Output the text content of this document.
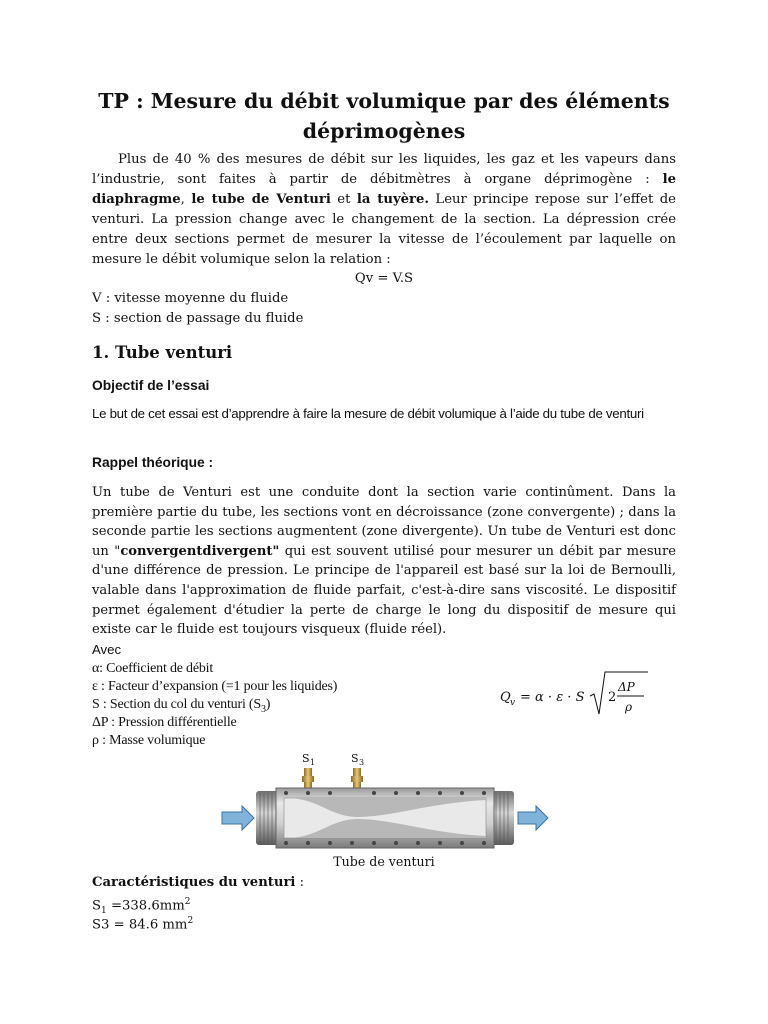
TP : Mesure du débit volumique par des éléments
déprimogènes

Plus de 40 % des mesures de débit sur les liquides, les gaz et les vapeurs dans l’industrie, sont faites à partir de débitmètres à organe déprimogène : le diaphragme, le tube de Venturi et la tuyère. Leur principe repose sur l’effet de venturi. La pression change avec le changement de la section. La dépression crée entre deux sections permet de mesurer la vitesse de l’écoulement par laquelle on mesure le débit volumique selon la relation :

Qv = V.S
V : vitesse moyenne du fluide
S : section de passage du fluide
1. Tube venturi
Objectif de l’essai

Le but de cet essai est d’apprendre à faire la mesure de débit volumique à l’aide du tube de venturi

Rappel théorique :

Un tube de Venturi est une conduite dont la section varie continûment. Dans la première partie du tube, les sections vont en décroissance (zone convergente) ; dans la seconde partie les sections augmentent (zone divergente). Un tube de Venturi est donc un "convergentdivergent" qui est souvent utilisé pour mesurer un débit par mesure d'une différence de pression. Le principe de l'appareil est basé sur la loi de Bernoulli, valable dans l'approximation de fluide parfait, c'est-à-dire sans viscosité. Le dispositif permet également d'étudier la perte de charge le long du dispositif de mesure qui existe car le fluide est toujours visqueux (fluide réel).

Avec
α: Coefficient de débit
ε : Facteur d’expansion (=1 pour les liquides)
S : Section du col du venturi $(S_3)$
ΔP : Pression différentielle
ρ : Masse volumique
Q v = α · ε · S 2
ΔP
ρ
S 1	S 3
Tube de venturi
Caractéristiques du venturi :
$S_1 =338.6mm^2$
S3 = 84.6 $mm^2$
